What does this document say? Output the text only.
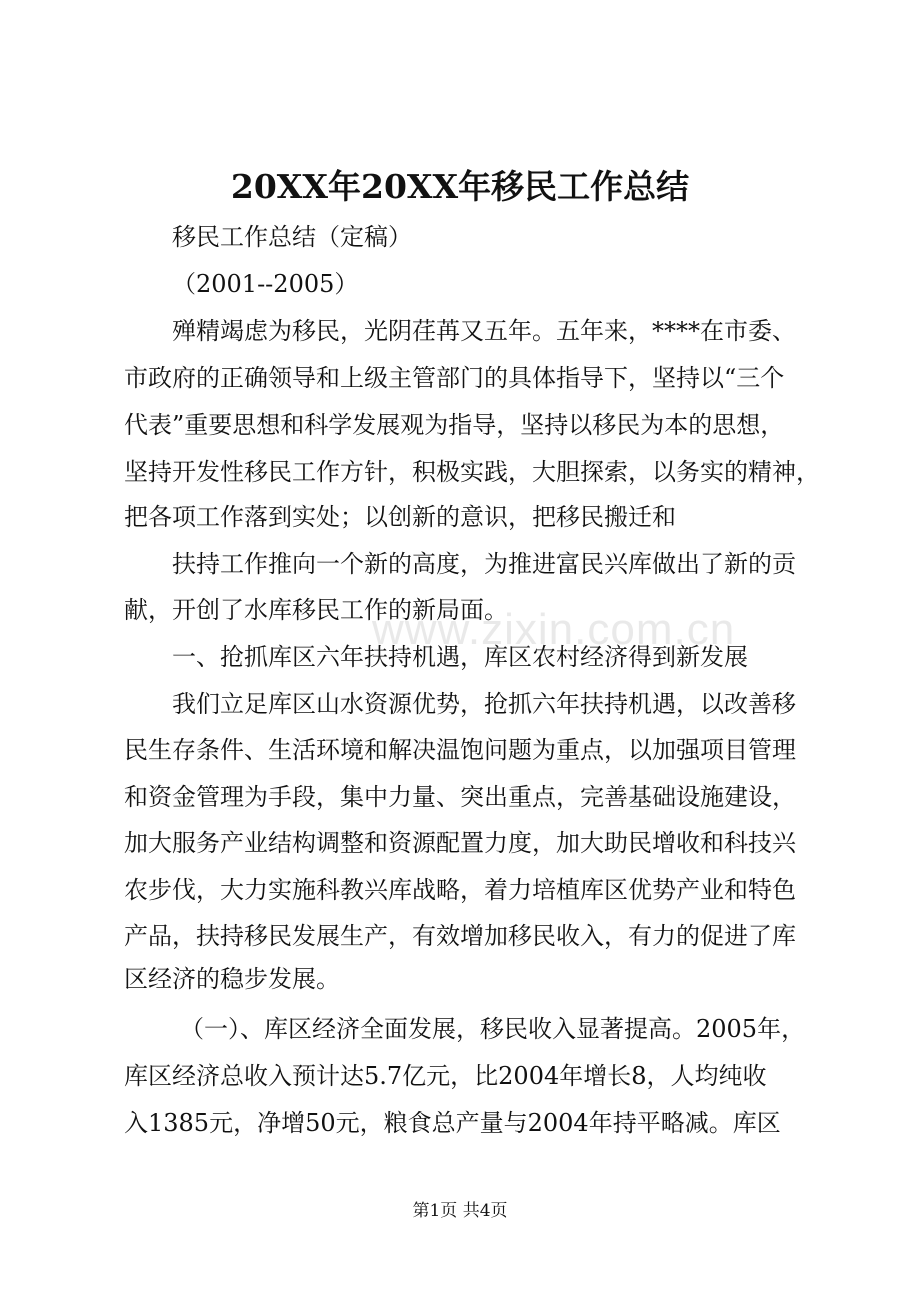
20XX年20XX年移民工作总结
移民工作总结（定稿）
（2001--2005）
殚精竭虑为移民，光阴荏苒又五年。五年来，****在市委、
市政府的正确领导和上级主管部门的具体指导下，坚持以“三个
代表”重要思想和科学发展观为指导，坚持以移民为本的思想，
坚持开发性移民工作方针，积极实践，大胆探索，以务实的精神，
把各项工作落到实处；以创新的意识，把移民搬迁和
扶持工作推向一个新的高度，为推进富民兴库做出了新的贡
献，开创了水库移民工作的新局面。
一、抢抓库区六年扶持机遇，库区农村经济得到新发展
我们立足库区山水资源优势，抢抓六年扶持机遇，以改善移
民生存条件、生活环境和解决温饱问题为重点，以加强项目管理
和资金管理为手段，集中力量、突出重点，完善基础设施建设，
加大服务产业结构调整和资源配置力度，加大助民增收和科技兴
农步伐，大力实施科教兴库战略，着力培植库区优势产业和特色
产品，扶持移民发展生产，有效增加移民收入，有力的促进了库
区经济的稳步发展。
（一）、库区经济全面发展，移民收入显著提高。2005年，
库区经济总收入预计达5.7亿元，比2004年增长8，人均纯收
入1385元，净增50元，粮食总产量与2004年持平略减。库区
www.zixin.com.cn
第1页 共4页
